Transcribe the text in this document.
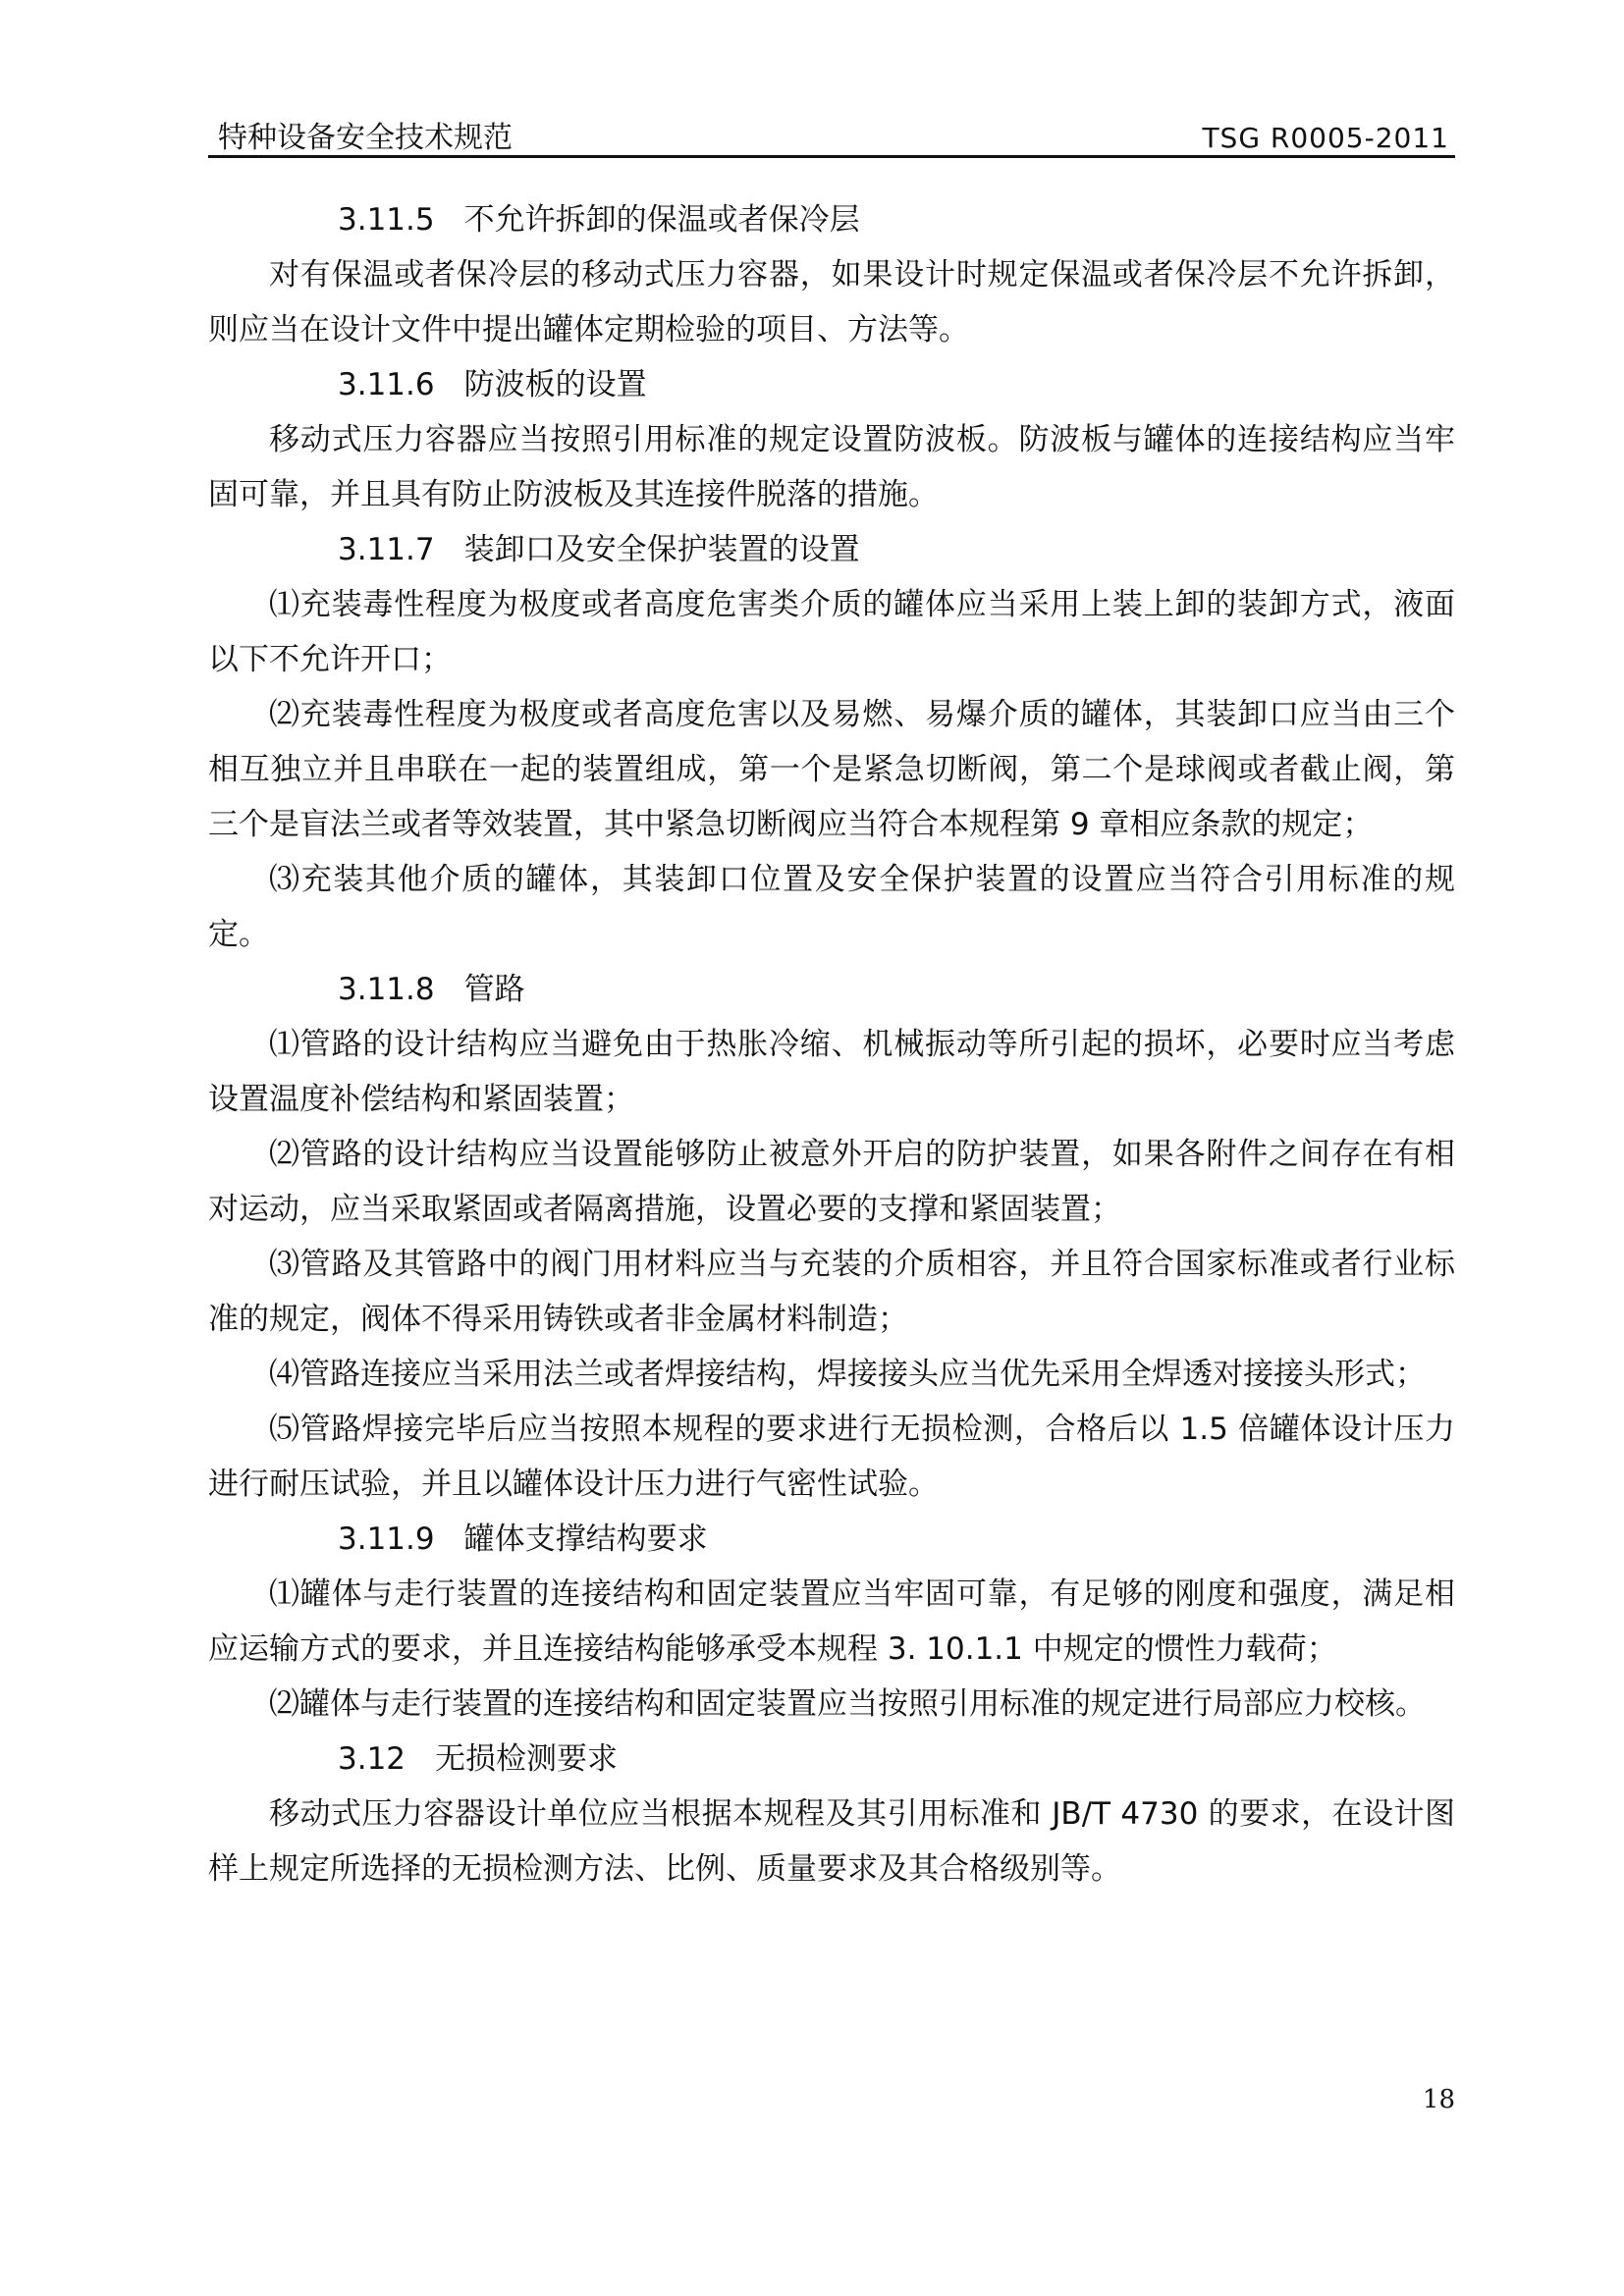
特种设备安全技术规范	TSG R0005-2011

3.11.5 不允许拆卸的保温或者保冷层

对有保温或者保冷层的移动式压力容器，如果设计时规定保温或者保冷层不允许拆卸，则应当在设计文件中提出罐体定期检验的项目、方法等。

3.11.6 防波板的设置

移动式压力容器应当按照引用标准的规定设置防波板。防波板与罐体的连接结构应当牢固可靠，并且具有防止防波板及其连接件脱落的措施。

3.11.7 装卸口及安全保护装置的设置

⑴充装毒性程度为极度或者高度危害类介质的罐体应当采用上装上卸的装卸方式，液面以下不允许开口；

⑵充装毒性程度为极度或者高度危害以及易燃、易爆介质的罐体，其装卸口应当由三个相互独立并且串联在一起的装置组成，第一个是紧急切断阀，第二个是球阀或者截止阀，第三个是盲法兰或者等效装置，其中紧急切断阀应当符合本规程第 9 章相应条款的规定；

⑶充装其他介质的罐体，其装卸口位置及安全保护装置的设置应当符合引用标准的规定。

3.11.8 管路

⑴管路的设计结构应当避免由于热胀冷缩、机械振动等所引起的损坏，必要时应当考虑设置温度补偿结构和紧固装置；

⑵管路的设计结构应当设置能够防止被意外开启的防护装置，如果各附件之间存在有相对运动，应当采取紧固或者隔离措施，设置必要的支撑和紧固装置；

⑶管路及其管路中的阀门用材料应当与充装的介质相容，并且符合国家标准或者行业标准的规定，阀体不得采用铸铁或者非金属材料制造；

⑷管路连接应当采用法兰或者焊接结构，焊接接头应当优先采用全焊透对接接头形式；

⑸管路焊接完毕后应当按照本规程的要求进行无损检测，合格后以 1.5 倍罐体设计压力进行耐压试验，并且以罐体设计压力进行气密性试验。

3.11.9 罐体支撑结构要求

⑴罐体与走行装置的连接结构和固定装置应当牢固可靠，有足够的刚度和强度，满足相应运输方式的要求，并且连接结构能够承受本规程 3. 10.1.1 中规定的惯性力载荷；

⑵罐体与走行装置的连接结构和固定装置应当按照引用标准的规定进行局部应力校核。

3.12 无损检测要求

移动式压力容器设计单位应当根据本规程及其引用标准和 JB/T 4730 的要求，在设计图样上规定所选择的无损检测方法、比例、质量要求及其合格级别等。

18
